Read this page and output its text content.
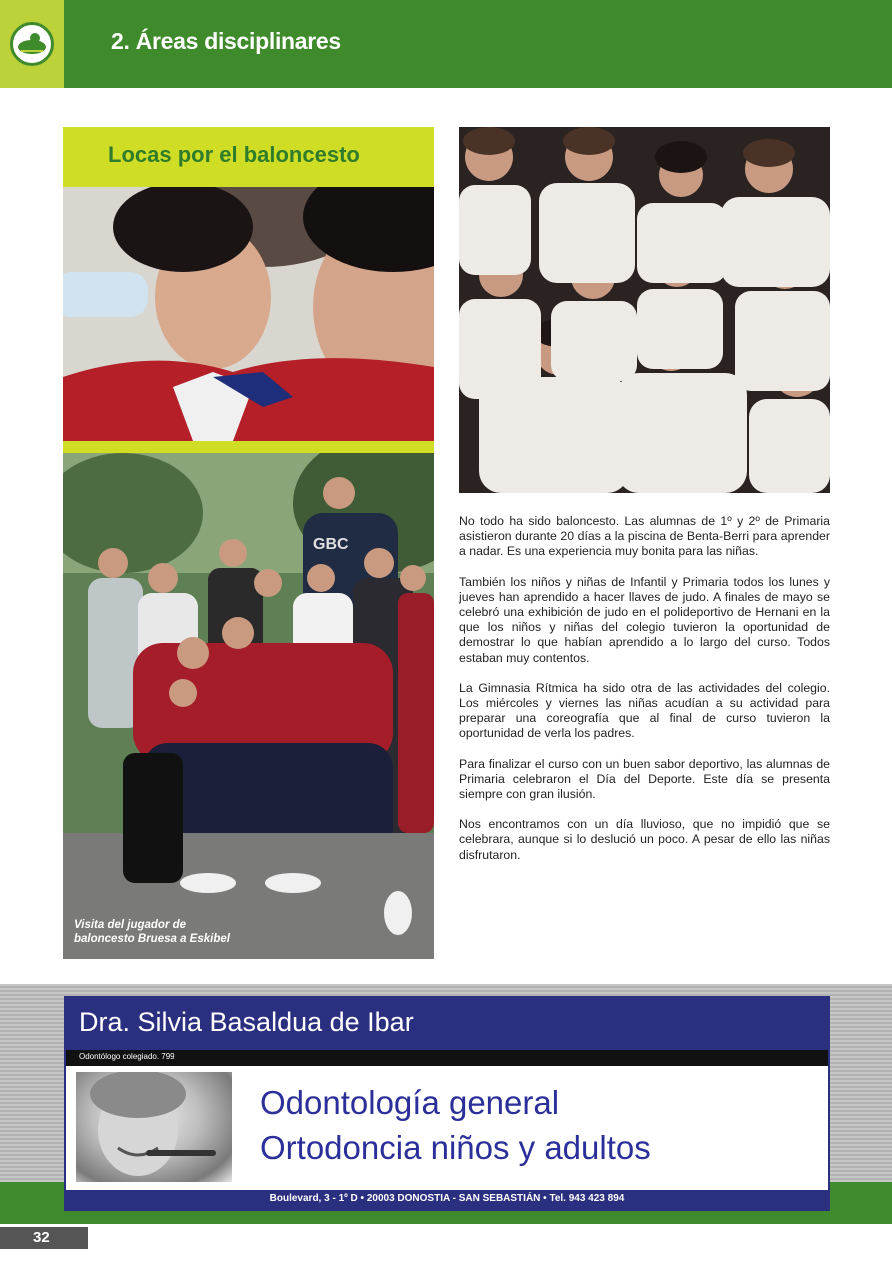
2. Áreas disciplinares
Locas por el baloncesto
GBC
Visita del jugador de
baloncesto Bruesa a Eskibel

No todo ha sido baloncesto. Las alumnas de 1º y 2º de Primaria asistieron durante 20 días a la piscina de Benta-Berri para aprender a nadar. Es una experiencia muy bonita para las niñas.

También los niños y niñas de Infantil y Primaria todos los lunes y jueves han aprendido a hacer llaves de judo. A finales de mayo se celebró una exhibición de judo en el polideportivo de Hernani en la que los niños y niñas del colegio tuvieron la oportunidad de demostrar lo que habían aprendido a lo largo del curso. Todos estaban muy contentos.

La Gimnasia Rítmica ha sido otra de las actividades del colegio. Los miércoles y viernes las niñas acudían a su actividad para preparar una coreografía que al final de curso tuvieron la oportunidad de verla los padres.

Para finalizar el curso con un buen sabor deportivo, las alumnas de Primaria celebraron el Día del Deporte. Este día se presenta siempre con gran ilusión.

Nos encontramos con un día lluvioso, que no impidió que se celebrara, aunque si lo deslució un poco. A pesar de ello las niñas disfrutaron.

Dra. Silvia Basaldua de Ibar
Odontólogo colegiado. 799
Odontología general
Ortodoncia niños y adultos
Boulevard, 3 - 1º D • 20003 DONOSTIA - SAN SEBASTIÁN • Tel. 943 423 894
32
